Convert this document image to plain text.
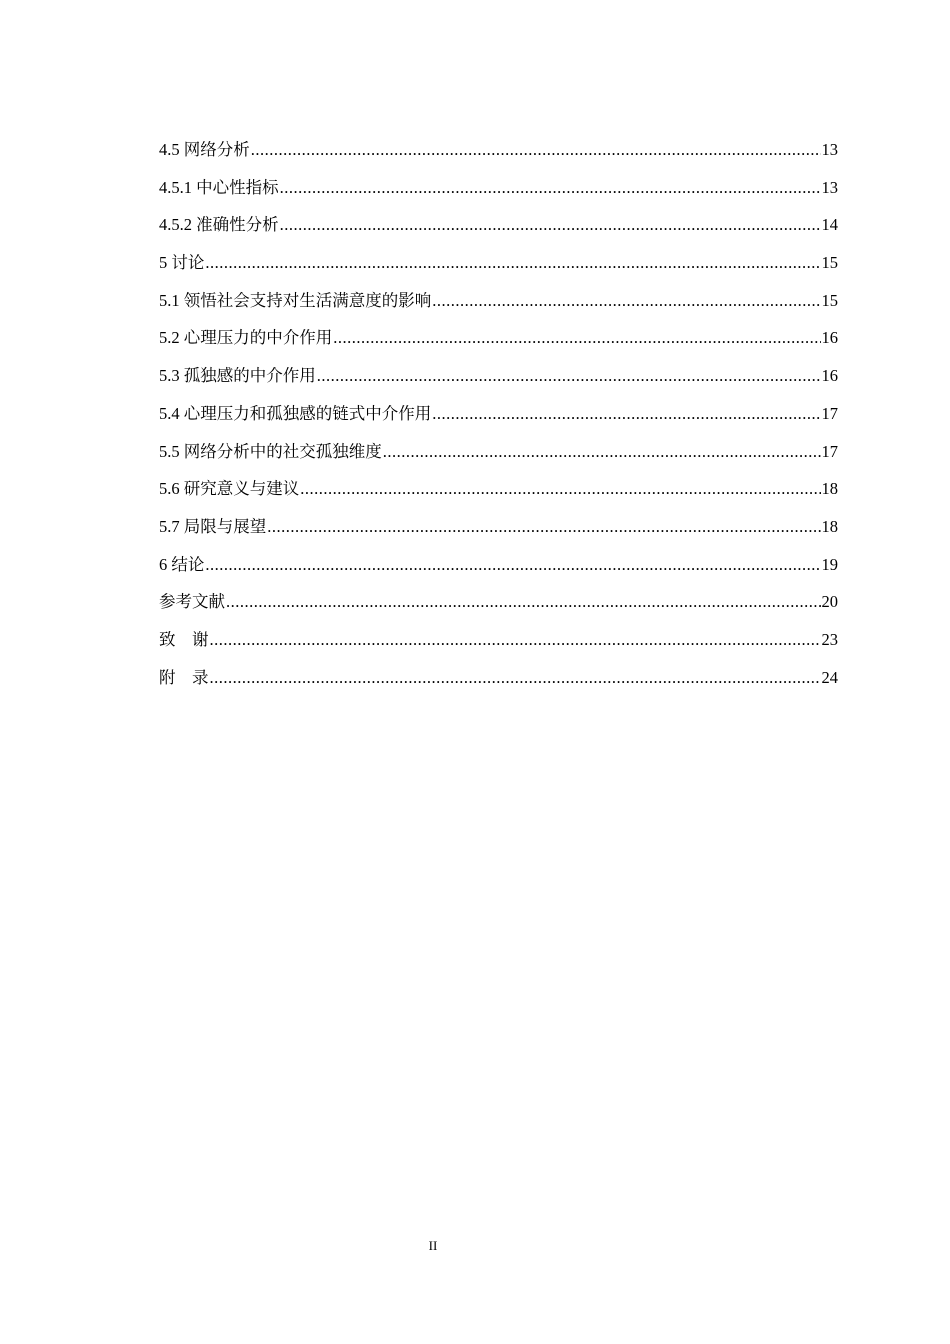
4.5 网络分析 .....	13
4.5.1 中心性指标 .....	13
4.5.2 准确性分析 .....	14
5 讨论 .....	15
5.1 领悟社会支持对生活满意度的影响 .....	15
5.2 心理压力的中介作用 .....	16
5.3 孤独感的中介作用 .....	16
5.4 心理压力和孤独感的链式中介作用 .....	17
5.5 网络分析中的社交孤独维度 .....	17
5.6 研究意义与建议 .....	18
5.7 局限与展望 .....	18
6 结论 .....	19
参考文献 .....	20
致　谢 .....	23
附　录 .....	24
II
